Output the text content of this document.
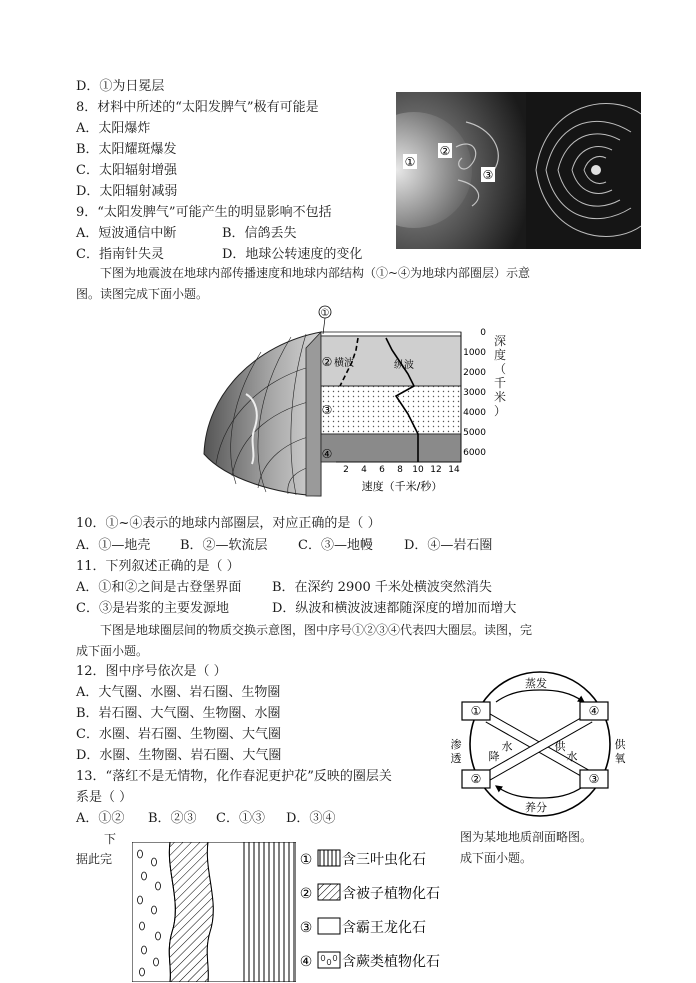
D．①为日冕层
8．材料中所述的“太阳发脾气”极有可能是
A．太阳爆炸
B．太阳耀斑爆发
C．太阳辐射增强
D．太阳辐射减弱
9．“太阳发脾气”可能产生的明显影响不包括
A．短波通信中断	B．信鸽丢失
C．指南针失灵	D．地球公转速度的变化
①
②
③
下图为地震波在地球内部传播速度和地球内部结构（①~④为地球内部圈层）示意
图。读图完成下面小题。
横波	纵波
①
②
③
④
0
1000
2000
3000
4000
5000
6000
2 4 6 8 10 12 14
速度（千米/秒）
深
度
（
千
米
）
10．①~④表示的地球内部圈层，对应正确的是（ ）
A．①—地壳 B．②—软流层 C．③—地幔 D．④—岩石圈
11．下列叙述正确的是（ ）
A．①和②之间是古登堡界面 B．在深约 2900 千米处横波突然消失
C．③是岩浆的主要发源地	D．纵波和横波波速都随深度的增加而增大
下图是地球圈层间的物质交换示意图，图中序号①②③④代表四大圈层。读图，完
成下面小题。
12．图中序号依次是（ ）
A．大气圈、水圈、岩石圈、生物圈
B．岩石圈、大气圈、生物圈、水圈
C．水圈、岩石圈、生物圈、大气圈
D．水圈、生物圈、岩石圈、大气圈
13．“落红不是无情物，化作春泥更护花”反映的圈层关
系是（ ）
A．①② B．②③ C．①③ D．③④
①
②	③
④
蒸发
养分
渗
透 降
水	供
水
供
氧
下
据此完
图为某地地质剖面略图。
成下面小题。
①
②
③
④
含三叶虫化石
含被子植物化石
含霸王龙化石
含蕨类植物化石
